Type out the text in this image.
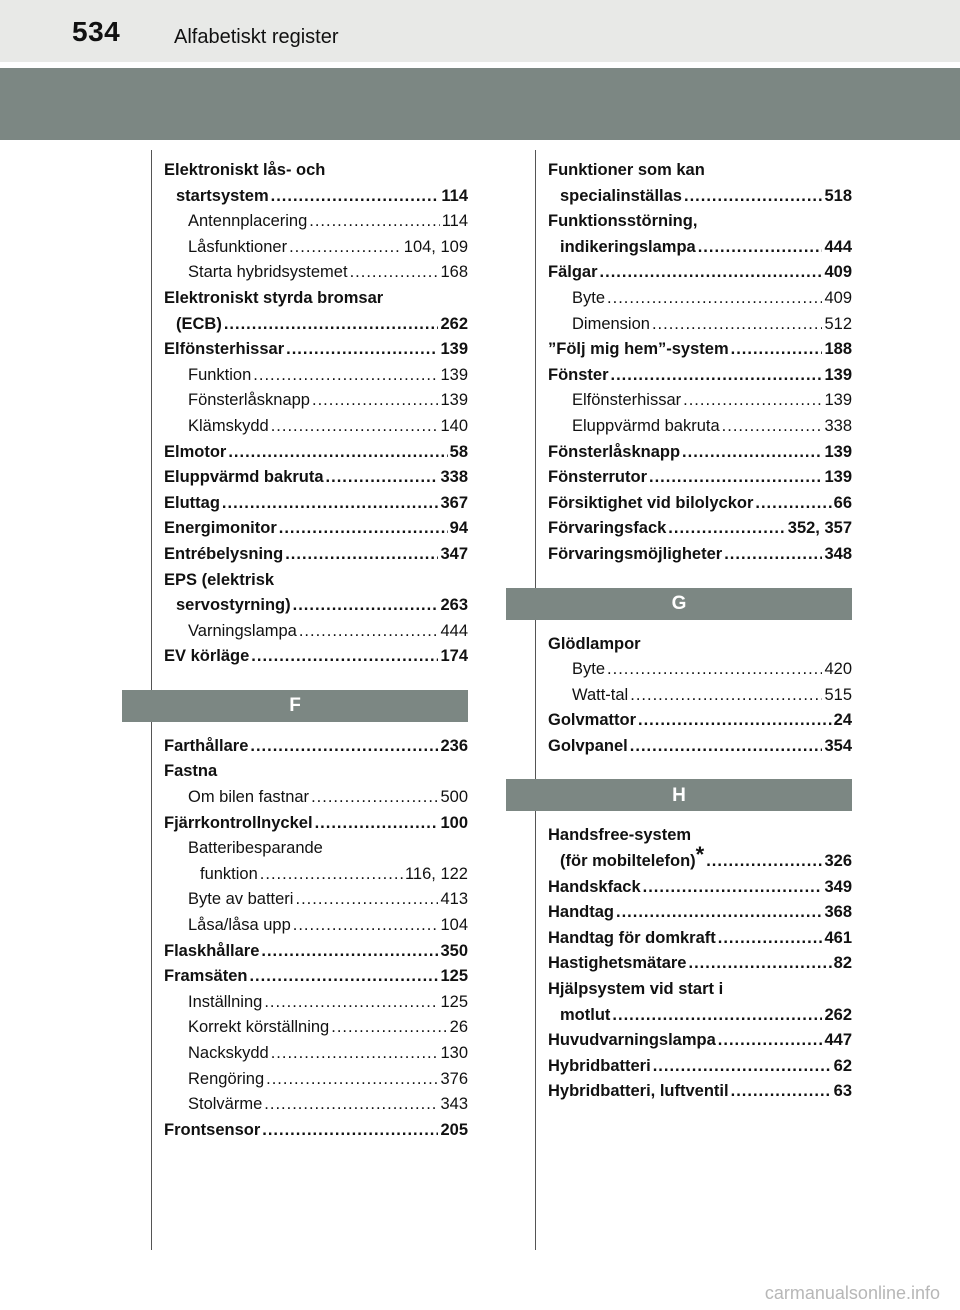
534	Alfabetiskt register
Elektroniskt lås- och
startsystem .....	114
Antennplacering .....	114
Låsfunktioner .....	104, 109
Starta hybridsystemet .....	168
Elektroniskt styrda bromsar
(ECB) .....	262
Elfönsterhissar .....	139
Funktion .....	139
Fönsterlåsknapp .....	139
Klämskydd .....	140
Elmotor .....	58
Eluppvärmd bakruta .....	338
Eluttag .....	367
Energimonitor .....	94
Entrébelysning .....	347
EPS (elektrisk
servostyrning) .....	263
Varningslampa .....	444
EV körläge .....	174
F
Farthållare .....	236
Fastna
Om bilen fastnar .....	500
Fjärrkontrollnyckel .....	100
Batteribesparande
funktion .....	116, 122
Byte av batteri .....	413
Låsa/låsa upp .....	104
Flaskhållare .....	350
Framsäten .....	125
Inställning .....	125
Korrekt körställning .....	26
Nackskydd .....	130
Rengöring .....	376
Stolvärme .....	343
Frontsensor .....	205
Funktioner som kan
specialinställas .....	518
Funktionsstörning,
indikeringslampa .....	444
Fälgar .....	409
Byte .....	409
Dimension .....	512
”Följ mig hem”-system .....	188
Fönster .....	139
Elfönsterhissar .....	139
Eluppvärmd bakruta .....	338
Fönsterlåsknapp .....	139
Fönsterrutor .....	139
Försiktighet vid bilolyckor .....	66
Förvaringsfack .....	352, 357
Förvaringsmöjligheter .....	348
G
Glödlampor
Byte .....	420
Watt-tal .....	515
Golvmattor .....	24
Golvpanel .....	354
H
Handsfree-system
(för mobiltelefon)* .....	326
Handskfack .....	349
Handtag .....	368
Handtag för domkraft .....	461
Hastighetsmätare .....	82
Hjälpsystem vid start i
motlut .....	262
Huvudvarningslampa .....	447
Hybridbatteri .....	62
Hybridbatteri, luftventil .....	63
carmanualsonline.info
